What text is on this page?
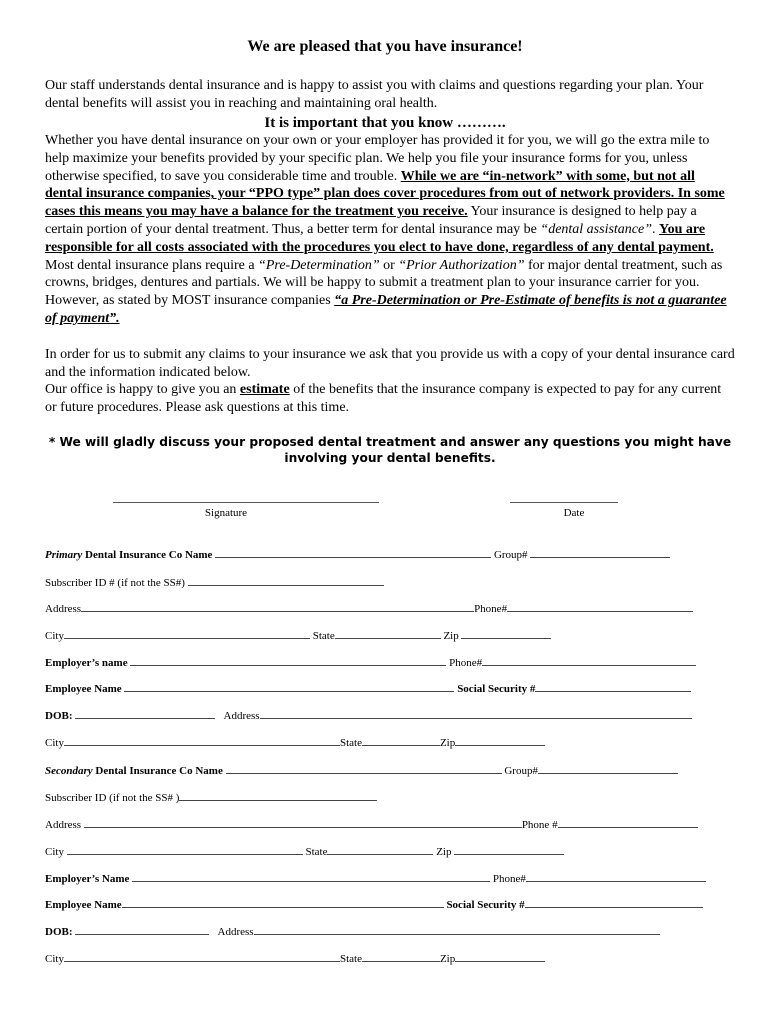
We are pleased that you have insurance!

Our staff understands dental insurance and is happy to assist you with claims and questions regarding your plan. Your dental benefits will assist you in reaching and maintaining oral health.

It is important that you know ……….

Whether you have dental insurance on your own or your employer has provided it for you, we will go the extra mile to help maximize your benefits provided by your specific plan. We help you file your insurance forms for you, unless otherwise specified, to save you considerable time and trouble. While we are “in-network” with some, but not all dental insurance companies, your “PPO type” plan does cover procedures from out of network providers. In some cases this means you may have a balance for the treatment you receive. Your insurance is designed to help pay a certain portion of your dental treatment. Thus, a better term for dental insurance may be “dental assistance”. You are responsible for all costs associated with the procedures you elect to have done, regardless of any dental payment.

Most dental insurance plans require a “Pre-Determination” or “Prior Authorization” for major dental treatment, such as crowns, bridges, dentures and partials. We will be happy to submit a treatment plan to your insurance carrier for you. However, as stated by MOST insurance companies “a Pre-Determination or Pre-Estimate of benefits is not a guarantee of payment”.

In order for us to submit any claims to your insurance we ask that you provide us with a copy of your dental insurance card and the information indicated below.

Our office is happy to give you an estimate of the benefits that the insurance company is expected to pay for any current or future procedures. Please ask questions at this time.

* We will gladly discuss your proposed dental treatment and answer any questions you might have involving your dental benefits.
Signature	Date
Primary Dental Insurance Co Name	Group#
Subscriber ID # (if not the SS#)
Address	Phone#
City	State	Zip
Employer’s name	Phone#
Employee Name	Social Security #
DOB:	Address
City	State	Zip
Secondary Dental Insurance Co Name	Group#
Subscriber ID (if not the SS# )
Address	Phone #
City	State	Zip
Employer’s Name	Phone#
Employee Name	Social Security #
DOB:	Address
City	State	Zip
